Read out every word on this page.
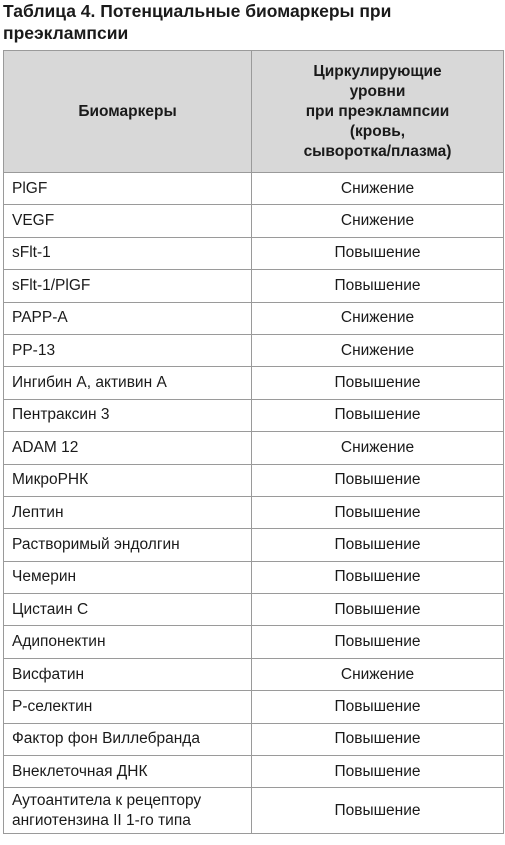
Таблица 4. Потенциальные биомаркеры при преэклампсии
Биомаркеры	Циркулирующие
уровни
при преэклампсии
(кровь,
сыворотка/плазма)
PlGF	Снижение
VEGF	Снижение
sFlt-1	Повышение
sFlt-1/PlGF	Повышение
PAPP-A	Снижение
PP-13	Снижение
Ингибин A, активин A	Повышение
Пентраксин 3	Повышение
ADAM 12	Снижение
МикроРНК	Повышение
Лептин	Повышение
Растворимый эндолгин	Повышение
Чемерин	Повышение
Цистаин С	Повышение
Адипонектин	Повышение
Висфатин	Снижение
Р-селектин	Повышение
Фактор фон Виллебранда	Повышение
Внеклеточная ДНК	Повышение
Аутоантитела к рецептору ангиотензина II 1-го типа	Повышение
